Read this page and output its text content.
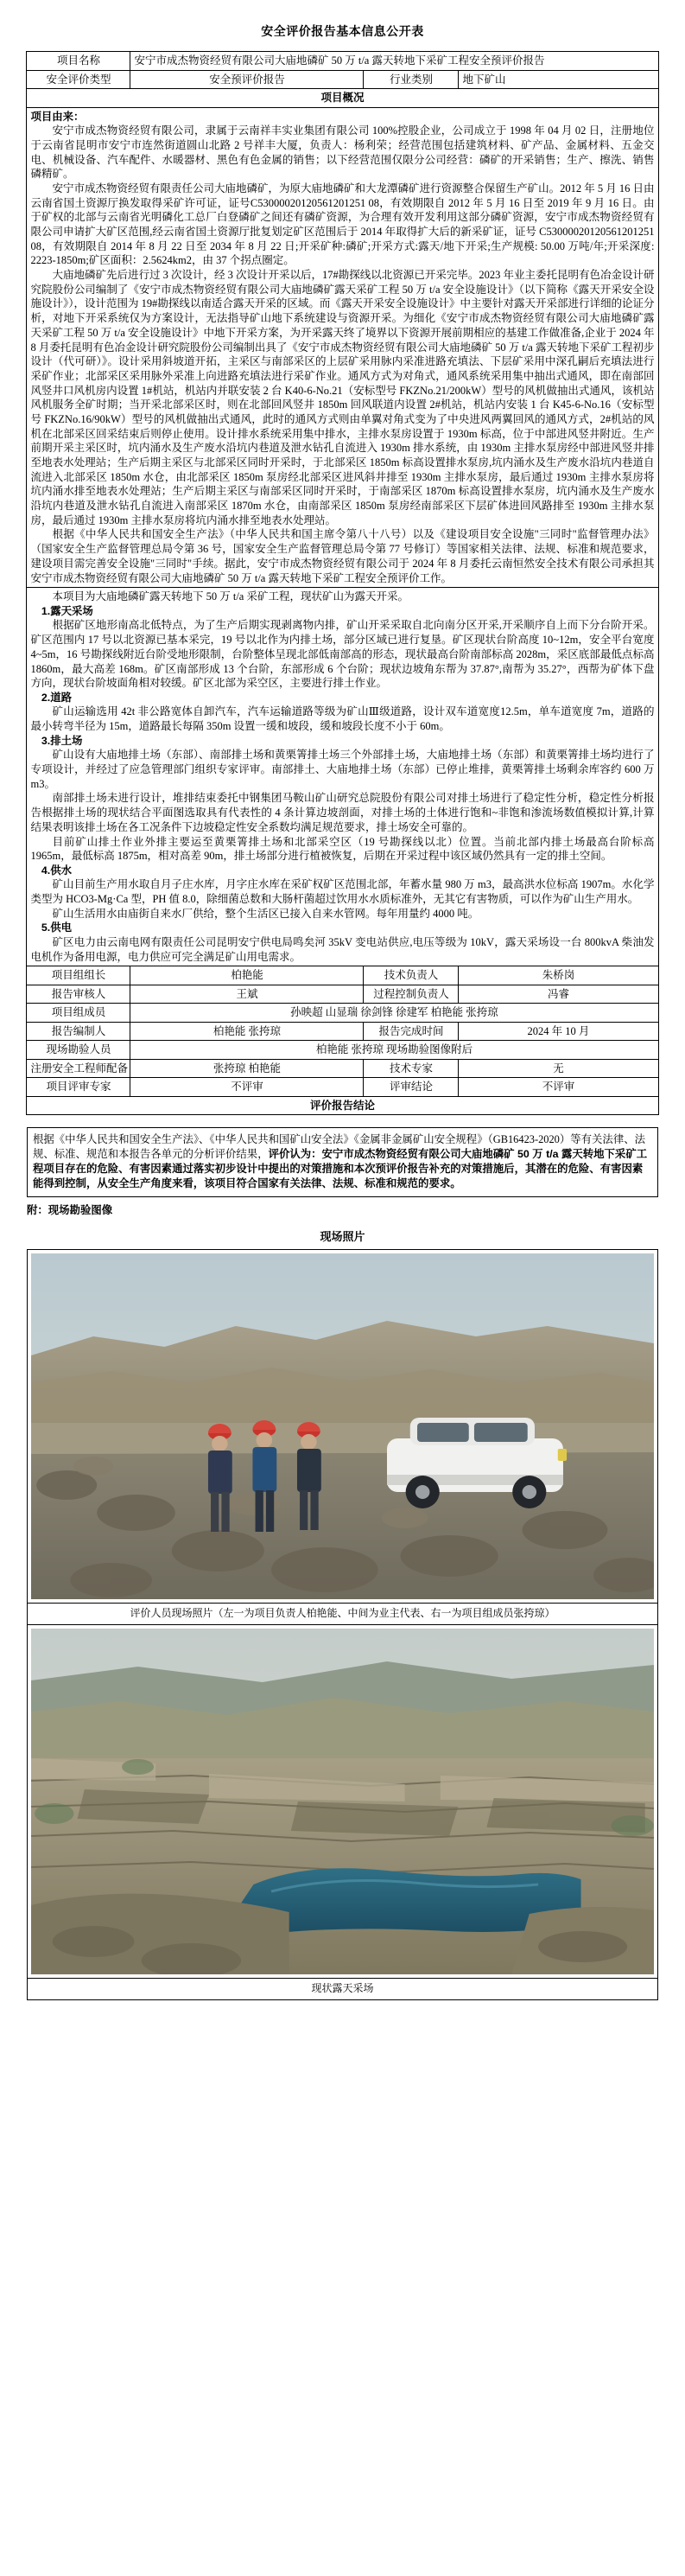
安全评价报告基本信息公开表
项目名称	安宁市成杰物资经贸有限公司大庙地磷矿 50 万 t/a 露天转地下采矿工程安全预评价报告		
安全评价类型	安全预评价报告	行业类别	地下矿山
项目概况			

项目由来：

安宁市成杰物资经贸有限公司，隶属于云南祥丰实业集团有限公司 100%控股企业，公司成立于 1998 年 04 月 02 日，注册地位于云南省昆明市安宁市连然街道圆山北路 2 号祥丰大厦，负责人：杨利荣；经营范围包括建筑材料、矿产品、金属材料、五金交电、机械设备、汽车配件、水暖器材、黑色有色金属的销售；以下经营范围仅限分公司经营：磷矿的开采销售；生产、擦洗、销售磷精矿。

安宁市成杰物资经贸有限责任公司大庙地磷矿，为原大庙地磷矿和大龙潭磷矿进行资源整合保留生产矿山。2012 年 5 月 16 日由云南省国土资源厅换发取得采矿许可证，证号C53000020120561201251 08，有效期限自 2012 年 5 月 16 日至 2019 年 9 月 16 日。由于矿权的北部与云南省光明磷化工总厂白登磷矿之间还有磷矿资源，为合理有效开发利用这部分磷矿资源，安宁市成杰物资经贸有限公司申请扩大矿区范围,经云南省国土资源厅批复划定矿区范围后于 2014 年取得扩大后的新采矿证，证号 C53000020120561201251 08，有效期限自 2014 年 8 月 22 日至 2034 年 8 月 22 日;开采矿种:磷矿;开采方式:露天/地下开采;生产规模: 50.00 万吨/年;开采深度: 2223-1850m;矿区面积：2.5624km2，由 37 个拐点圈定。

大庙地磷矿先后进行过 3 次设计，经 3 次设计开采以后，17#勘探线以北资源已开采完毕。2023 年业主委托昆明有色冶金设计研究院股份公司编制了《安宁市成杰物资经贸有限公司大庙地磷矿露天采矿工程 50 万 t/a 安全设施设计》（以下简称《露天开采安全设施设计》），设计范围为 19#勘探线以南适合露天开采的区域。而《露天开采安全设施设计》中主要针对露天开采部进行详细的论证分析，对地下开采系统仅为方案设计，无法指导矿山地下系统建设与资源开采。为细化《安宁市成杰物资经贸有限公司大庙地磷矿露天采矿工程 50 万 t/a 安全设施设计》中地下开采方案，为开采露天终了境界以下资源开展前期相应的基建工作做准备,企业于 2024 年 8 月委托昆明有色冶金设计研究院股份公司编制出具了《安宁市成杰物资经贸有限公司大庙地磷矿 50 万 t/a 露天转地下采矿工程初步设计（代可研）》。设计采用斜坡道开拓，主采区与南部采区的上层矿采用脉内采准进路充填法、下层矿采用中深孔嗣后充填法进行采矿作业；北部采区采用脉外采准上向进路充填法进行采矿作业。通风方式为对角式，通风系统采用集中抽出式通风，即在南部回风竖井口风机房内设置 1#机站，机站内并联安装 2 台 K40-6-No.21（安标型号 FKZNo.21/200kW）型号的风机做抽出式通风，该机站风机服务全矿时期；当开采北部采区时，则在北部回风竖井 1850m 回风联道内设置 2#机站，机站内安装 1 台 K45-6-No.16（安标型号 FKZNo.16/90kW）型号的风机做抽出式通风，此时的通风方式则由单翼对角式变为了中央进风两翼回风的通风方式，2#机站的风机在北部采区回采结束后则停止使用。设计排水系统采用集中排水，主排水泵房设置于 1930m 标高，位于中部进风竖井附近。生产前期开采主采区时，坑内涌水及生产废水沿坑内巷道及泄水钻孔自流进入 1930m 排水系统，由 1930m 主排水泵房经中部进风竖井排至地表水处理站；生产后期主采区与北部采区同时开采时，于北部采区 1850m 标高设置排水泵房,坑内涌水及生产废水沿坑内巷道自流进入北部采区 1850m 水仓，由北部采区 1850m 泵房经北部采区进风斜井排至 1930m 主排水泵房，最后通过 1930m 主排水泵房将坑内涌水排至地表水处理站；生产后期主采区与南部采区同时开采时，于南部采区 1870m 标高设置排水泵房，坑内涌水及生产废水沿坑内巷道及泄水钻孔自流进入南部采区 1870m 水仓，由南部采区 1850m 泵房经南部采区下层矿体进回风路排至 1930m 主排水泵房，最后通过 1930m 主排水泵房将坑内涌水排至地表水处理站。

根据《中华人民共和国安全生产法》（中华人民共和国主席令第八十八号）以及《建设项目安全设施"三同时"监督管理办法》（国家安全生产监督管理总局令第 36 号，国家安全生产监督管理总局令第 77 号修订）等国家相关法律、法规、标准和规范要求，建设项目需完善安全设施"三同时"手续。据此，安宁市成杰物资经贸有限公司于 2024 年 8 月委托云南恒然安全技术有限公司承担其安宁市成杰物资经贸有限公司大庙地磷矿 50 万 t/a 露天转地下采矿工程安全预评价工作。			

本项目为大庙地磷矿露天转地下 50 万 t/a 采矿工程，现状矿山为露天开采。

1.露天采场

根据矿区地形南高北低特点，为了生产后期实现剥离物内排，矿山开采采取自北向南分区开采,开采顺序自上而下分台阶开采。矿区范围内 17 号以北资源已基本采完，19 号以北作为内排土场，部分区域已进行复垦。矿区现状台阶高度 10~12m，安全平台宽度 4~5m，16 号勘探线附近台阶受地形限制，台阶整体呈现北部低南部高的形态，现状最高台阶南部标高 2028m，采区底部最低点标高1860m，最大高差 168m。矿区南部形成 13 个台阶，东部形成 6 个台阶；现状边坡角东帮为 37.87°,南帮为 35.27°，西帮为矿体下盘方向，现状台阶坡面角相对较缓。矿区北部为采空区，主要进行排土作业。

2.道路

矿山运输选用 42t 非公路宽体自卸汽车，汽车运输道路等级为矿山Ⅲ级道路，设计双车道宽度12.5m，单车道宽度 7m，道路的最小转弯半径为 15m，道路最长每隔 350m 设置一缓和坡段，缓和坡段长度不小于 60m。

3.排土场

矿山设有大庙地排土场（东部）、南部排土场和黄栗箐排土场三个外部排土场，大庙地排土场（东部）和黄栗箐排土场均进行了专项设计，并经过了应急管理部门组织专家评审。南部排土、大庙地排土场（东部）已停止堆排，黄栗箐排土场剩余库容约 600 万 m3。

南部排土场未进行设计，堆排结束委托中钢集团马鞍山矿山研究总院股份有限公司对排土场进行了稳定性分析，稳定性分析报告根据排土场的现状结合平面图选取具有代表性的 4 条计算边坡剖面，对排土场的土体进行饱和~非饱和渗流场数值模拟计算,计算结果表明该排土场在各工况条件下边坡稳定性安全系数均满足规范要求，排土场安全可靠的。

目前矿山排土作业外排主要运至黄栗箐排土场和北部采空区（19 号勘探线以北）位置。当前北部内排土场最高台阶标高 1965m，最低标高 1875m，相对高差 90m，排土场部分进行植被恢复，后期在开采过程中该区域仍然具有一定的排土空间。

4.供水

矿山目前生产用水取自月子庄水库，月字庄水库在采矿权矿区范围北部，年蓄水量 980 万 m3，最高洪水位标高 1907m。水化学类型为 HCO3-Mg·Ca 型，PH 值 8.0，除细菌总数和大肠杆菌超过饮用水水质标准外，无其它有害物质，可以作为矿山生产用水。

矿山生活用水由庙街自来水厂供给，整个生活区已接入自来水管网。每年用量约 4000 吨。

5.供电

矿区电力由云南电网有限责任公司昆明安宁供电局鸣矣河 35kV 变电站供应,电压等级为 10kV，露天采场设一台 800kvA 柴油发电机作为备用电源，电力供应可完全满足矿山用电需求。

项目组组长	柏艳能	技术负责人	朱桥岗
报告审核人	王斌	过程控制负责人	冯睿
项目组成员	孙映超 山显瑞 徐剑锋 徐建军 柏艳能 张挎琼		
报告编制人	柏艳能 张挎琼	报告完成时间	2024 年 10 月
现场勘验人员	柏艳能 张挎琼 现场勘验图像附后		
注册安全工程师配备	张挎琼 柏艳能	技术专家	无
项目评审专家	不评审	评审结论	不评审
评价报告结论			
根据《中华人民共和国安全生产法》、《中华人民共和国矿山安全法》《金属非金属矿山安全规程》（GB16423-2020）等有关法律、法规、标准、规范和本报告各单元的分析评价结果，评价认为：安宁市成杰物资经贸有限公司大庙地磷矿 50 万 t/a 露天转地下采矿工程项目存在的危险、有害因素通过落实初步设计中提出的对策措施和本次预评价报告补充的对策措施后，其潜在的危险、有害因素能得到控制，从安全生产角度来看，该项目符合国家有关法律、法规、标准和规范的要求。
附：现场勘验图像
现场照片

评价人员现场照片（左一为项目负责人柏艳能、中间为业主代表、右一为项目组成员张挎琼）

现状露天采场
